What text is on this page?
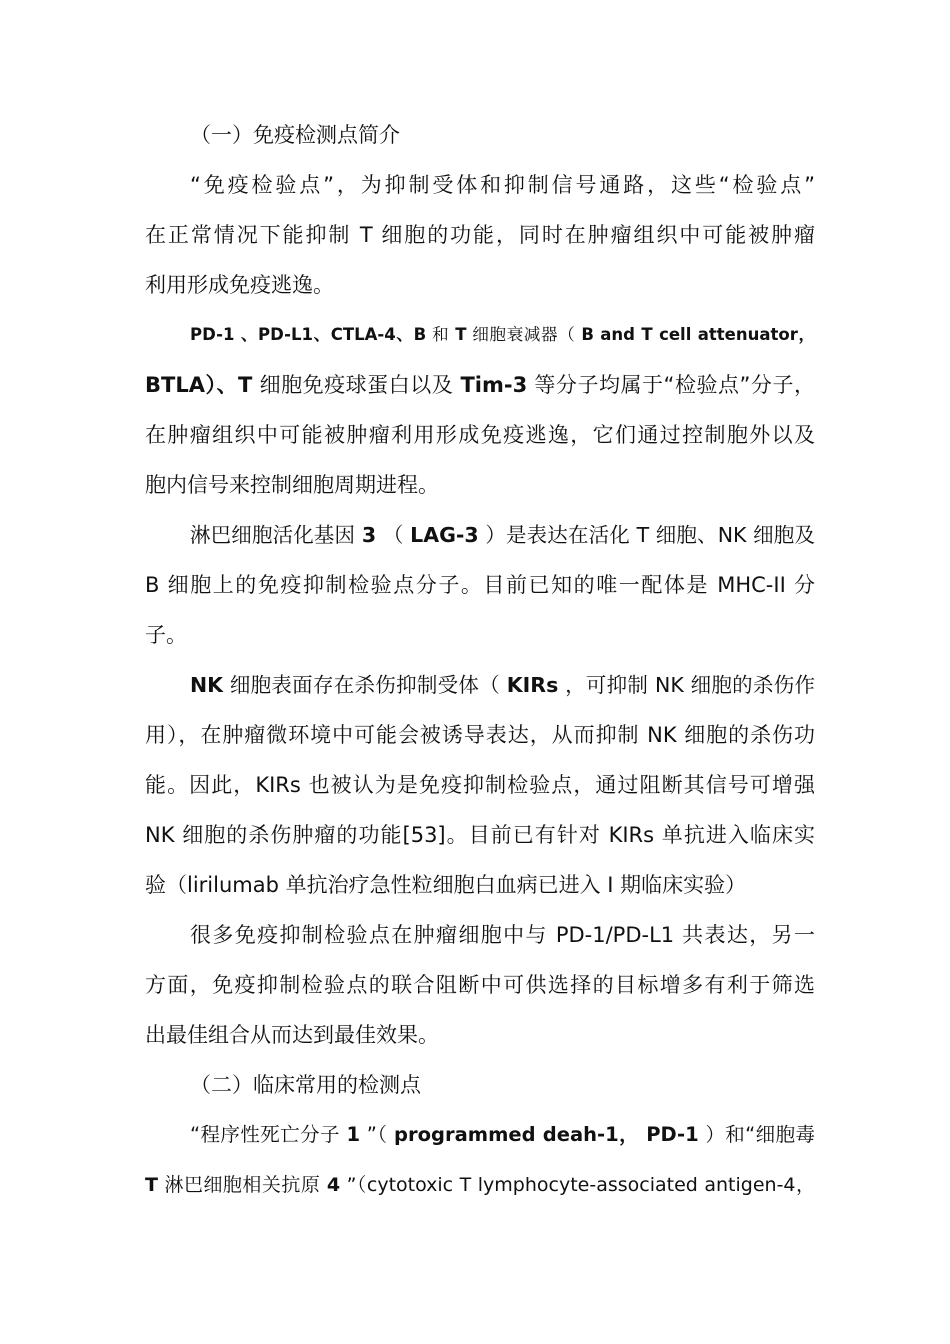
（一）免疫检测点简介
“免疫检验点”，为抑制受体和抑制信号通路，这些“检验点”
在正常情况下能抑制 T 细胞的功能，同时在肿瘤组织中可能被肿瘤
利用形成免疫逃逸。
PD-1 、PD-L1、CTLA-4、B 和 T 细胞衰减器（ B and T cell attenuator，
BTLA）、T 细胞免疫球蛋白以及 Tim-3 等分子均属于“检验点”分子，
在肿瘤组织中可能被肿瘤利用形成免疫逃逸，它们通过控制胞外以及
胞内信号来控制细胞周期进程。
淋巴细胞活化基因 3 （ LAG-3 ）是表达在活化 T 细胞、NK 细胞及
B 细胞上的免疫抑制检验点分子。目前已知的唯一配体是 MHC-II 分
子。
NK 细胞表面存在杀伤抑制受体（ KIRs ，可抑制 NK 细胞的杀伤作
用），在肿瘤微环境中可能会被诱导表达，从而抑制 NK 细胞的杀伤功
能。因此，KIRs 也被认为是免疫抑制检验点，通过阻断其信号可增强
NK 细胞的杀伤肿瘤的功能[53]。目前已有针对 KIRs 单抗进入临床实
验（lirilumab 单抗治疗急性粒细胞白血病已进入 I 期临床实验）
很多免疫抑制检验点在肿瘤细胞中与 PD-1/PD-L1 共表达，另一
方面，免疫抑制检验点的联合阻断中可供选择的目标增多有利于筛选
出最佳组合从而达到最佳效果。
（二）临床常用的检测点
“程序性死亡分子 1 ”（ programmed deah-1， PD-1 ）和“细胞毒
T 淋巴细胞相关抗原 4 ”（cytotoxic T lymphocyte-associated antigen-4，
